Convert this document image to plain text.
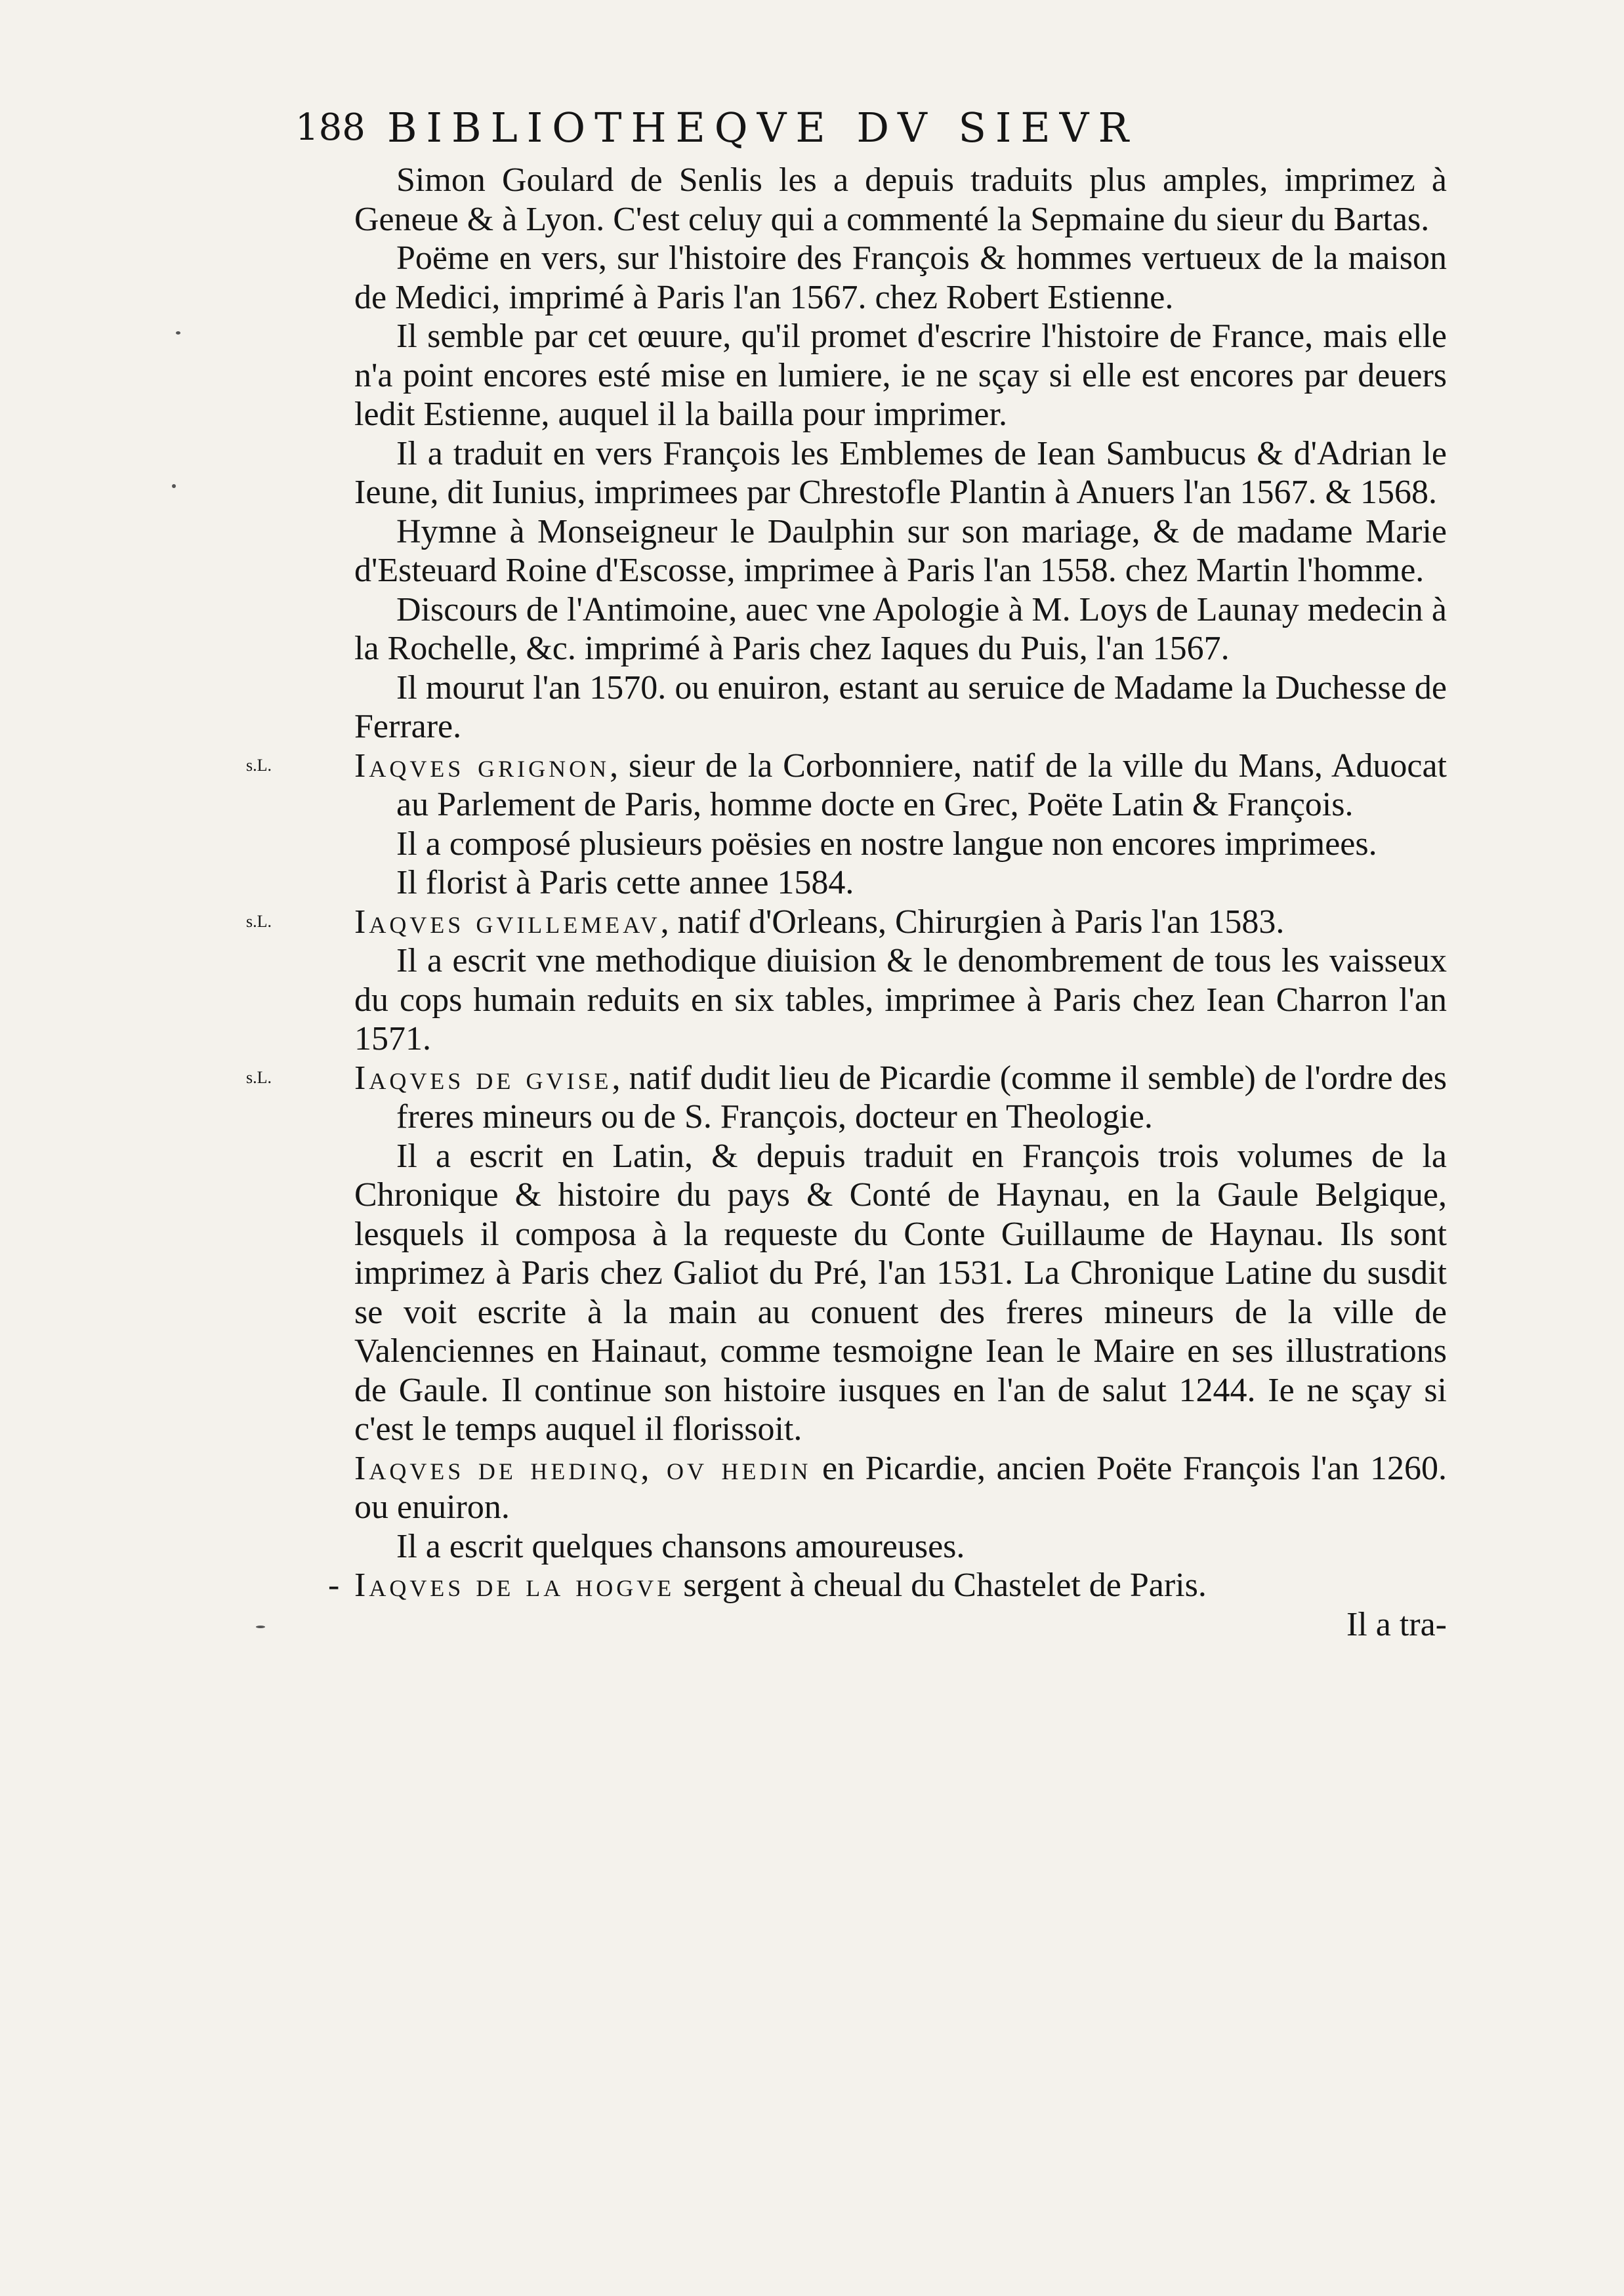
188 BIBLIOTHEQVE DV SIEVR

Simon Goulard de Senlis les a depuis traduits plus amples, imprimez à Geneue & à Lyon. C'est celuy qui a commenté la Sepmaine du sieur du Bartas.

Poëme en vers, sur l'histoire des François & hommes vertueux de la maison de Medici, imprimé à Paris l'an 1567. chez Robert Estienne.

Il semble par cet œuure, qu'il promet d'escrire l'histoire de France, mais elle n'a point encores esté mise en lumiere, ie ne sçay si elle est encores par deuers ledit Estienne, auquel il la bailla pour imprimer.

Il a traduit en vers François les Emblemes de Iean Sambucus & d'Adrian le Ieune, dit Iunius, imprimees par Chrestofle Plantin à Anuers l'an 1567. & 1568.

Hymne à Monseigneur le Daulphin sur son mariage, & de madame Marie d'Esteuard Roine d'Escosse, imprimee à Paris l'an 1558. chez Martin l'homme.

Discours de l'Antimoine, auec vne Apologie à M. Loys de Launay medecin à la Rochelle, &c. imprimé à Paris chez Iaques du Puis, l'an 1567.

Il mourut l'an 1570. ou enuiron, estant au seruice de Madame la Duchesse de Ferrare.

s.L. Iaqves grignon, sieur de la Corbonniere, natif de la ville du Mans, Aduocat au Parlement de Paris, homme docte en Grec, Poëte Latin & François.

Il a composé plusieurs poësies en nostre langue non encores imprimees.

Il florist à Paris cette annee 1584.

s.L. Iaqves gvillemeav, natif d'Orleans, Chirurgien à Paris l'an 1583.

Il a escrit vne methodique diuision & le denombrement de tous les vaisseux du cops humain reduits en six tables, imprimee à Paris chez Iean Charron l'an 1571.

s.L. Iaqves de gvise, natif dudit lieu de Picardie (comme il semble) de l'ordre des freres mineurs ou de S. François, docteur en Theologie.

Il a escrit en Latin, & depuis traduit en François trois volumes de la Chronique & histoire du pays & Conté de Haynau, en la Gaule Belgique, lesquels il composa à la requeste du Conte Guillaume de Haynau. Ils sont imprimez à Paris chez Galiot du Pré, l'an 1531. La Chronique Latine du susdit se voit escrite à la main au conuent des freres mineurs de la ville de Valenciennes en Hainaut, comme tesmoigne Iean le Maire en ses illustrations de Gaule. Il continue son histoire iusques en l'an de salut 1244. Ie ne sçay si c'est le temps auquel il florissoit.

Iaqves de hedinq, ov hedin en Picardie, ancien Poëte François l'an 1260. ou enuiron.

Il a escrit quelques chansons amoureuses.

- Iaqves de la hogve sergent à cheual du Chastelet de Paris.

Il a tra-
